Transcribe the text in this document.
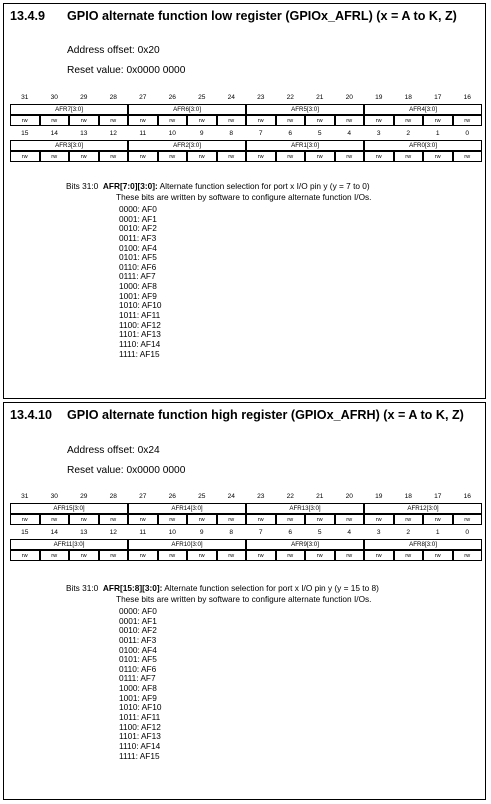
13.4.9 GPIO alternate function low register (GPIOx_AFRL) (x = A to K, Z)
Address offset: 0x20
Reset value: 0x0000 0000
31	30	29	28	27	26	25	24	23	22	21	20	19	18	17	16
AFR7[3:0]	AFR6[3:0]	AFR5[3:0]	AFR4[3:0]
rw	rw	rw	rw	rw	rw	rw	rw	rw	rw	rw	rw	rw	rw	rw	rw
15	14	13	12	11	10	9	8	7	6	5	4	3	2	1	0
AFR3[3:0]	AFR2[3:0]	AFR1[3:0]	AFR0[3:0]
rw	rw	rw	rw	rw	rw	rw	rw	rw	rw	rw	rw	rw	rw	rw	rw
Bits 31:0 AFR[7:0][3:0]: Alternate function selection for port x I/O pin y (y = 7 to 0)
These bits are written by software to configure alternate function I/Os.
0000: AF0
0001: AF1
0010: AF2
0011: AF3
0100: AF4
0101: AF5
0110: AF6
0111: AF7
1000: AF8
1001: AF9
1010: AF10
1011: AF11
1100: AF12
1101: AF13
1110: AF14
1111: AF15
13.4.10 GPIO alternate function high register (GPIOx_AFRH) (x = A to K, Z)
Address offset: 0x24
Reset value: 0x0000 0000
31	30	29	28	27	26	25	24	23	22	21	20	19	18	17	16
AFR15[3:0]	AFR14[3:0]	AFR13[3:0]	AFR12[3:0]
rw	rw	rw	rw	rw	rw	rw	rw	rw	rw	rw	rw	rw	rw	rw	rw
15	14	13	12	11	10	9	8	7	6	5	4	3	2	1	0
AFR11[3:0]	AFR10[3:0]	AFR9[3:0]	AFR8[3:0]
rw	rw	rw	rw	rw	rw	rw	rw	rw	rw	rw	rw	rw	rw	rw	rw
Bits 31:0 AFR[15:8][3:0]: Alternate function selection for port x I/O pin y (y = 15 to 8)
These bits are written by software to configure alternate function I/Os.
0000: AF0
0001: AF1
0010: AF2
0011: AF3
0100: AF4
0101: AF5
0110: AF6
0111: AF7
1000: AF8
1001: AF9
1010: AF10
1011: AF11
1100: AF12
1101: AF13
1110: AF14
1111: AF15
